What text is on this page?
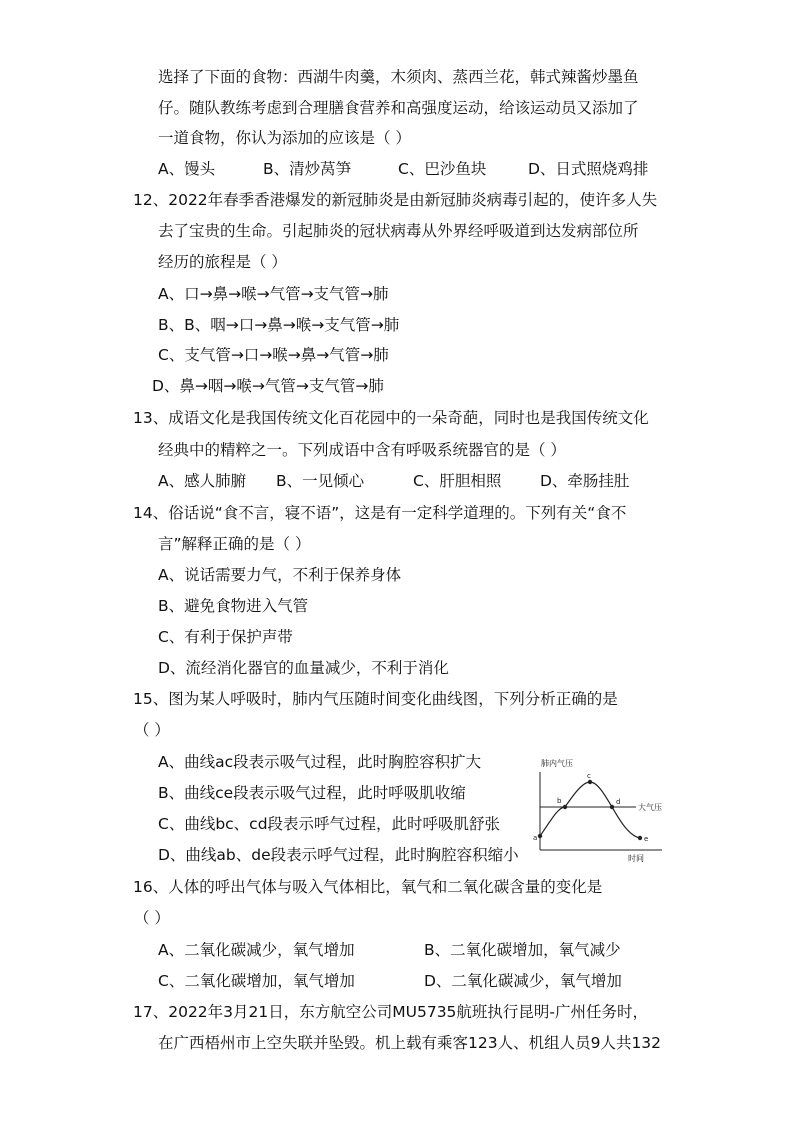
选择了下面的食物：西湖牛肉羹，木须肉、蒸西兰花，韩式辣酱炒墨鱼
仔。随队教练考虑到合理膳食营养和高强度运动，给该运动员又添加了
一道食物，你认为添加的应该是（ ）
A、馒头	B、清炒莴笋	C、巴沙鱼块	D、日式照烧鸡排
12、2022年春季香港爆发的新冠肺炎是由新冠肺炎病毒引起的，使许多人失
去了宝贵的生命。引起肺炎的冠状病毒从外界经呼吸道到达发病部位所
经历的旅程是（ ）
A、口→鼻→喉→气管→支气管→肺
B、B、咽→口→鼻→喉→支气管→肺
C、支气管→口→喉→鼻→气管→肺
D、鼻→咽→喉→气管→支气管→肺
13、成语文化是我国传统文化百花园中的一朵奇葩，同时也是我国传统文化
经典中的精粹之一。下列成语中含有呼吸系统器官的是（ ）
A、感人肺腑 B、一见倾心	C、肝胆相照 D、牵肠挂肚
14、俗话说“食不言，寝不语”，这是有一定科学道理的。下列有关“食不
言”解释正确的是（ ）
A、说话需要力气，不利于保养身体
B、避免食物进入气管
C、有利于保护声带
D、流经消化器官的血量减少，不利于消化
15、图为某人呼吸时，肺内气压随时间变化曲线图，下列分析正确的是
（ ）
A、曲线ac段表示吸气过程，此时胸腔容积扩大
B、曲线ce段表示吸气过程，此时呼吸肌收缩
C、曲线bc、cd段表示呼气过程，此时呼吸肌舒张
D、曲线ab、de段表示呼气过程，此时胸腔容积缩小
肺内气压
时间
大气压
a
b
c
d
e
16、人体的呼出气体与吸入气体相比，氧气和二氧化碳含量的变化是
（ ）
A、二氧化碳减少，氧气增加	B、二氧化碳增加，氧气减少
C、二氧化碳增加，氧气增加	D、二氧化碳减少，氧气增加
17、2022年3月21日，东方航空公司MU5735航班执行昆明-广州任务时，
在广西梧州市上空失联并坠毁。机上载有乘客123人、机组人员9人共132
